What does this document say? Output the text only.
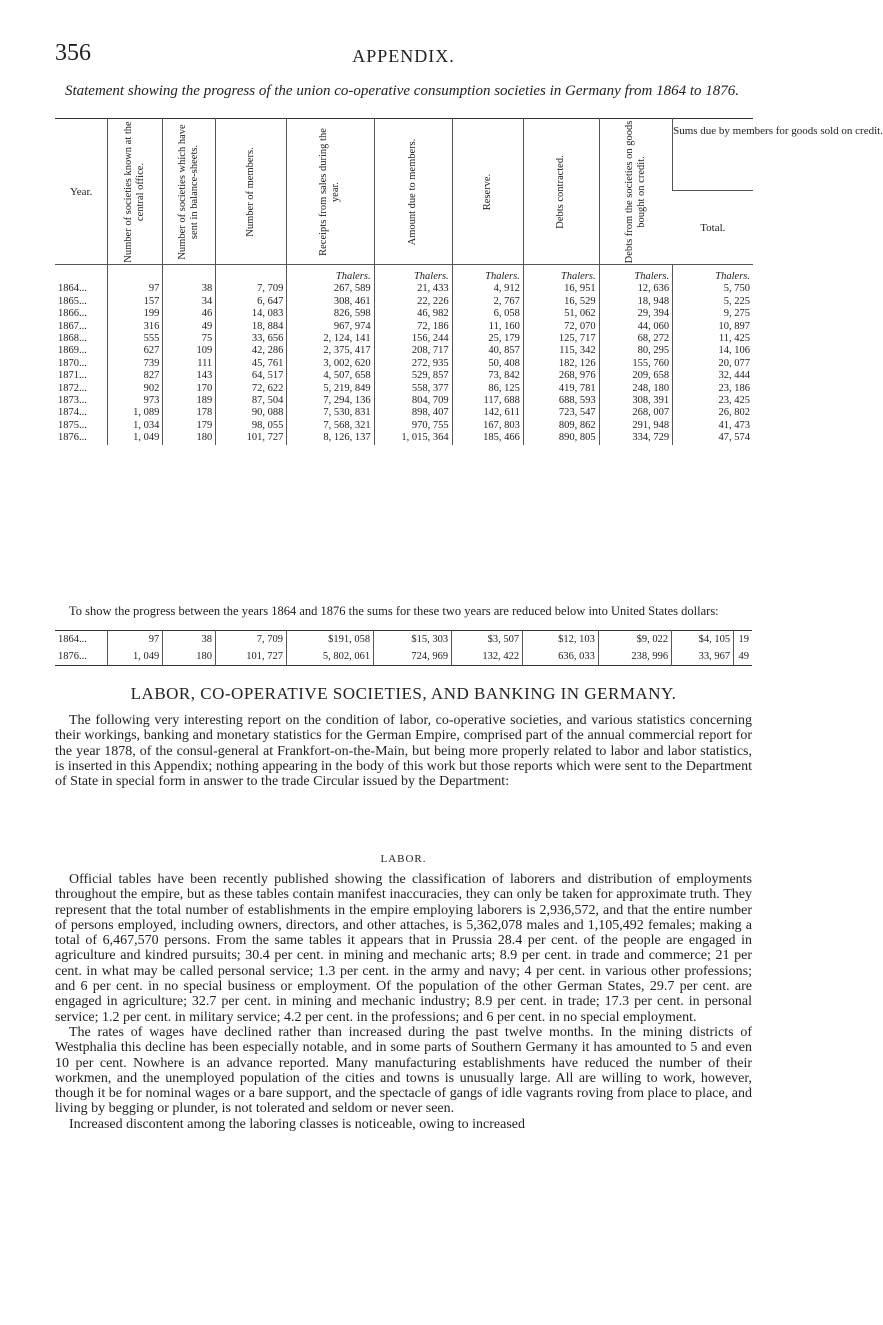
356	APPENDIX.
Statement showing the progress of the union co-operative consumption societies in Germany from 1864 to 1876.
Year.	Number of societies known at the central office.	Number of societies which have sent in balance-sheets.	Number of members.	Receipts from sales during the year.	Amount due to members.	Reserve.	Debts contracted.	Debts from the societies on goods bought on credit.	Sums due by members for goods sold on credit.
									Total.
				Thalers.	Thalers.	Thalers.	Thalers.	Thalers.	Thalers.
1864...	97	38	7, 709	267, 589	21, 433	4, 912	16, 951	12, 636	5, 750
1865...	157	34	6, 647	308, 461	22, 226	2, 767	16, 529	18, 948	5, 225
1866...	199	46	14, 083	826, 598	46, 982	6, 058	51, 062	29, 394	9, 275
1867...	316	49	18, 884	967, 974	72, 186	11, 160	72, 070	44, 060	10, 897
1868...	555	75	33, 656	2, 124, 141	156, 244	25, 179	125, 717	68, 272	11, 425
1869...	627	109	42, 286	2, 375, 417	208, 717	40, 857	115, 342	80, 295	14, 106
1870...	739	111	45, 761	3, 002, 620	272, 935	50, 408	182, 126	155, 760	20, 077
1871...	827	143	64, 517	4, 507, 658	529, 857	73, 842	268, 976	209, 658	32, 444
1872...	902	170	72, 622	5, 219, 849	558, 377	86, 125	419, 781	248, 180	23, 186
1873...	973	189	87, 504	7, 294, 136	804, 709	117, 688	688, 593	308, 391	23, 425
1874...	1, 089	178	90, 088	7, 530, 831	898, 407	142, 611	723, 547	268, 007	26, 802
1875...	1, 034	179	98, 055	7, 568, 321	970, 755	167, 803	809, 862	291, 948	41, 473
1876...	1, 049	180	101, 727	8, 126, 137	1, 015, 364	185, 466	890, 805	334, 729	47, 574
To show the progress between the years 1864 and 1876 the sums for these two years are reduced below into United States dollars:
1864...	97	38	7, 709	$191, 058	$15, 303	$3, 507	$12, 103	$9, 022	$4, 105	19
1876...	1, 049	180	101, 727	5, 802, 061	724, 969	132, 422	636, 033	238, 996	33, 967	49
LABOR, CO-OPERATIVE SOCIETIES, AND BANKING IN GERMANY.

The following very interesting report on the condition of labor, co-operative societies, and various statistics concerning their workings, banking and monetary statistics for the German Empire, comprised part of the annual commercial report for the year 1878, of the consul-general at Frankfort-on-the-Main, but being more properly related to labor and labor statistics, is inserted in this Appendix; nothing appearing in the body of this work but those reports which were sent to the Department of State in special form in answer to the trade Circular issued by the Department:

LABOR.

Official tables have been recently published showing the classification of laborers and distribution of employments throughout the empire, but as these tables contain manifest inaccuracies, they can only be taken for approximate truth. They represent that the total number of establishments in the empire employing laborers is 2,936,572, and that the entire number of persons employed, including owners, directors, and other attaches, is 5,362,078 males and 1,105,492 females; making a total of 6,467,570 persons. From the same tables it appears that in Prussia 28.4 per cent. of the people are engaged in agriculture and kindred pursuits; 30.4 per cent. in mining and mechanic arts; 8.9 per cent. in trade and commerce; 21 per cent. in what may be called personal service; 1.3 per cent. in the army and navy; 4 per cent. in various other professions; and 6 per cent. in no special business or employment. Of the population of the other German States, 29.7 per cent. are engaged in agriculture; 32.7 per cent. in mining and mechanic industry; 8.9 per cent. in trade; 17.3 per cent. in personal service; 1.2 per cent. in military service; 4.2 per cent. in the professions; and 6 per cent. in no special employment.

The rates of wages have declined rather than increased during the past twelve months. In the mining districts of Westphalia this decline has been especially notable, and in some parts of Southern Germany it has amounted to 5 and even 10 per cent. Nowhere is an advance reported. Many manufacturing establishments have reduced the number of their workmen, and the unemployed population of the cities and towns is unusually large. All are willing to work, however, though it be for nominal wages or a bare support, and the spectacle of gangs of idle vagrants roving from place to place, and living by begging or plunder, is not tolerated and seldom or never seen.

Increased discontent among the laboring classes is noticeable, owing to increased
